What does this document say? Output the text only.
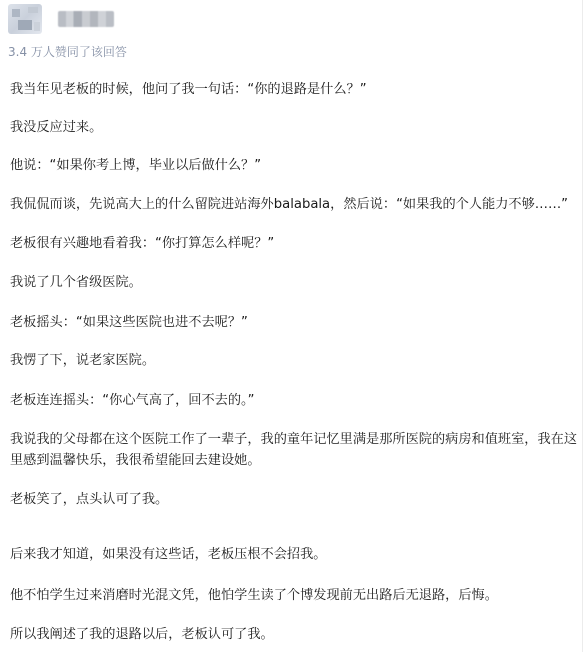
3.4 万人赞同了该回答

我当年见老板的时候，他问了我一句话：“你的退路是什么？”

我没反应过来。

他说：“如果你考上博，毕业以后做什么？”

我侃侃而谈，先说高大上的什么留院进站海外balabala，然后说：“如果我的个人能力不够……”

老板很有兴趣地看着我：“你打算怎么样呢？”

我说了几个省级医院。

老板摇头：“如果这些医院也进不去呢？”

我愣了下，说老家医院。

老板连连摇头：“你心气高了，回不去的。”

我说我的父母都在这个医院工作了一辈子，我的童年记忆里满是那所医院的病房和值班室，我在这里感到温馨快乐，我很希望能回去建设她。

老板笑了，点头认可了我。

后来我才知道，如果没有这些话，老板压根不会招我。

他不怕学生过来消磨时光混文凭，他怕学生读了个博发现前无出路后无退路，后悔。

所以我阐述了我的退路以后，老板认可了我。
